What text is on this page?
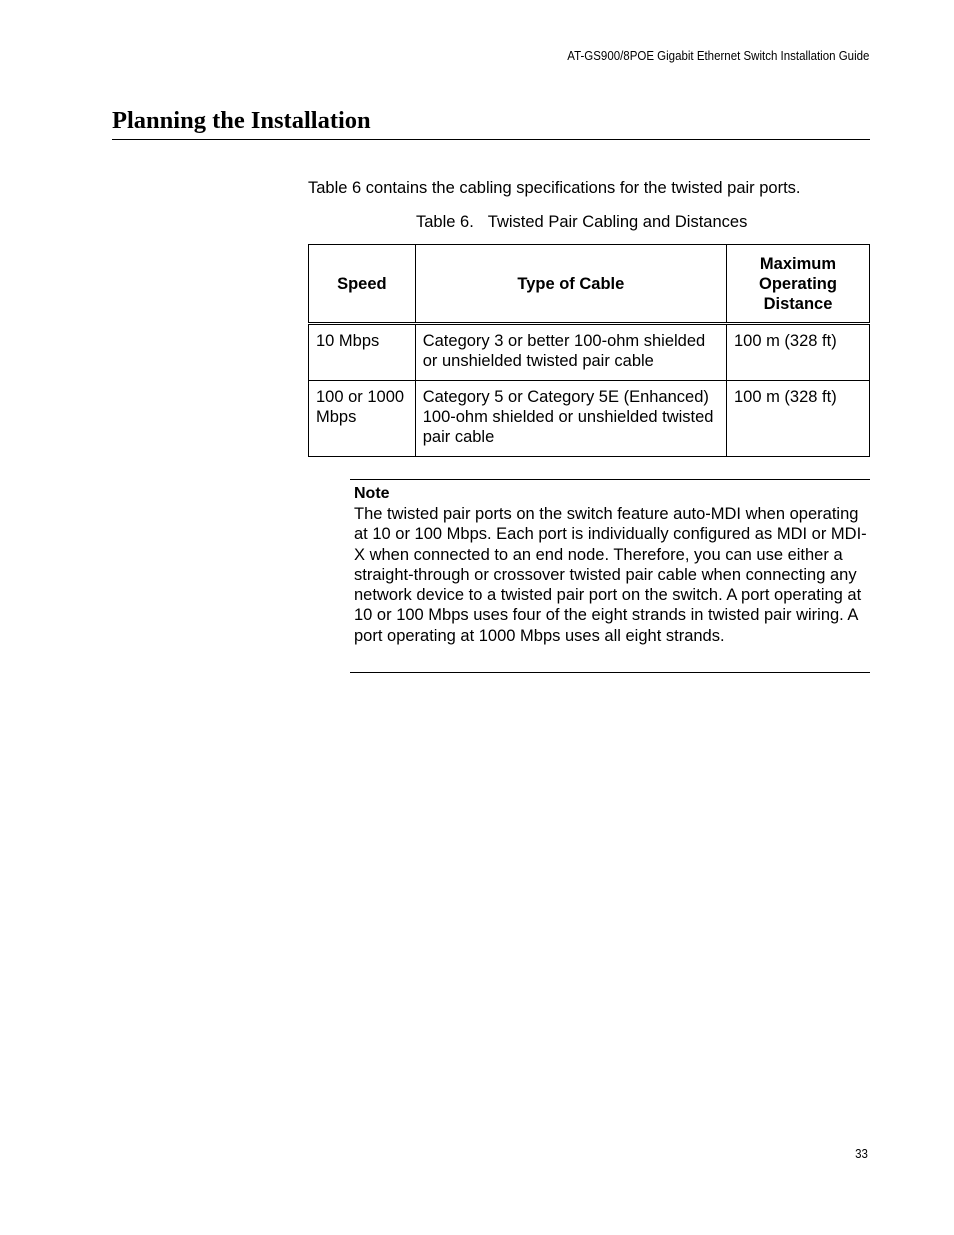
AT-GS900/8POE Gigabit Ethernet Switch Installation Guide
Planning the Installation

Table 6 contains the cabling specifications for the twisted pair ports.

Table 6. Twisted Pair Cabling and Distances
Speed	Type of Cable	Maximum
Operating
Distance
10 Mbps	Category 3 or better 100-ohm shielded or unshielded twisted pair cable	100 m (328 ft)
100 or 1000 Mbps	Category 5 or Category 5E (Enhanced) 100-ohm shielded or unshielded twisted pair cable	100 m (328 ft)
Note

The twisted pair ports on the switch feature auto-MDI when operating at 10 or 100 Mbps. Each port is individually configured as MDI or MDI-X when connected to an end node. Therefore, you can use either a straight-through or crossover twisted pair cable when connecting any network device to a twisted pair port on the switch. A port operating at 10 or 100 Mbps uses four of the eight strands in twisted pair wiring. A port operating at 1000 Mbps uses all eight strands.

33
